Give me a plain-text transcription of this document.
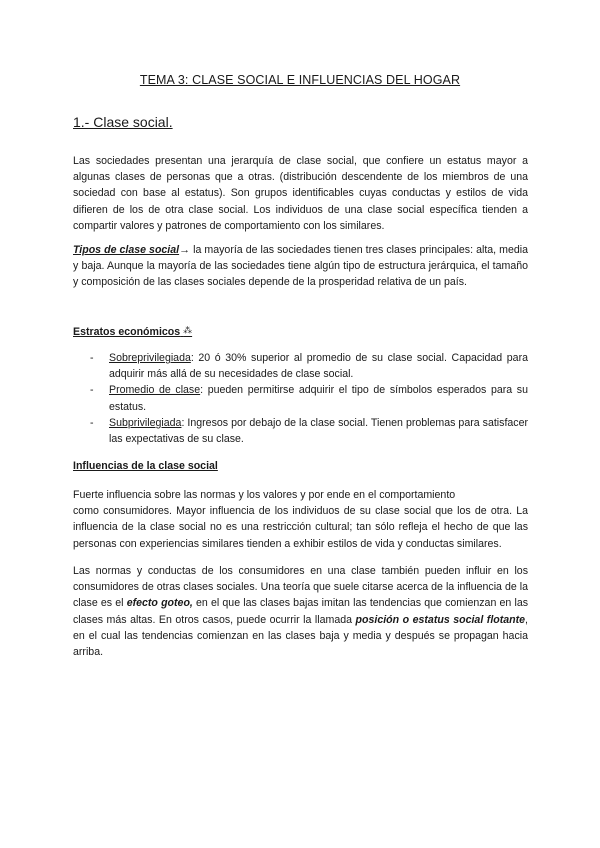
TEMA 3: CLASE SOCIAL E INFLUENCIAS DEL HOGAR
1.- Clase social.

Las sociedades presentan una jerarquía de clase social, que confiere un estatus mayor a algunas clases de personas que a otras. (distribución descendente de los miembros de una sociedad con base al estatus). Son grupos identificables cuyas conductas y estilos de vida difieren de los de otra clase social. Los individuos de una clase social específica tienden a compartir valores y patrones de comportamiento con los similares.

Tipos de clase social→ la mayoría de las sociedades tienen tres clases principales: alta, media y baja. Aunque la mayoría de las sociedades tiene algún tipo de estructura jerárquica, el tamaño y composición de las clases sociales depende de la prosperidad relativa de un país.

Estratos económicos ⁂
- Sobreprivilegiada: 20 ó 30% superior al promedio de su clase social. Capacidad para adquirir más allá de su necesidades de clase social.
- Promedio de clase: pueden permitirse adquirir el tipo de símbolos esperados para su estatus.
- Subprivilegiada: Ingresos por debajo de la clase social. Tienen problemas para satisfacer las expectativas de su clase.
Influencias de la clase social
Fuerte influencia sobre las normas y los valores y por ende en el comportamiento
como consumidores. Mayor influencia de los individuos de su clase social que los de otra. La influencia de la clase social no es una restricción cultural; tan sólo refleja el hecho de que las personas con experiencias similares tienden a exhibir estilos de vida y conductas similares.

Las normas y conductas de los consumidores en una clase también pueden influir en los consumidores de otras clases sociales. Una teoría que suele citarse acerca de la influencia de la clase es el efecto goteo, en el que las clases bajas imitan las tendencias que comienzan en las clases más altas. En otros casos, puede ocurrir la llamada posición o estatus social flotante, en el cual las tendencias comienzan en las clases baja y media y después se propagan hacia arriba.
